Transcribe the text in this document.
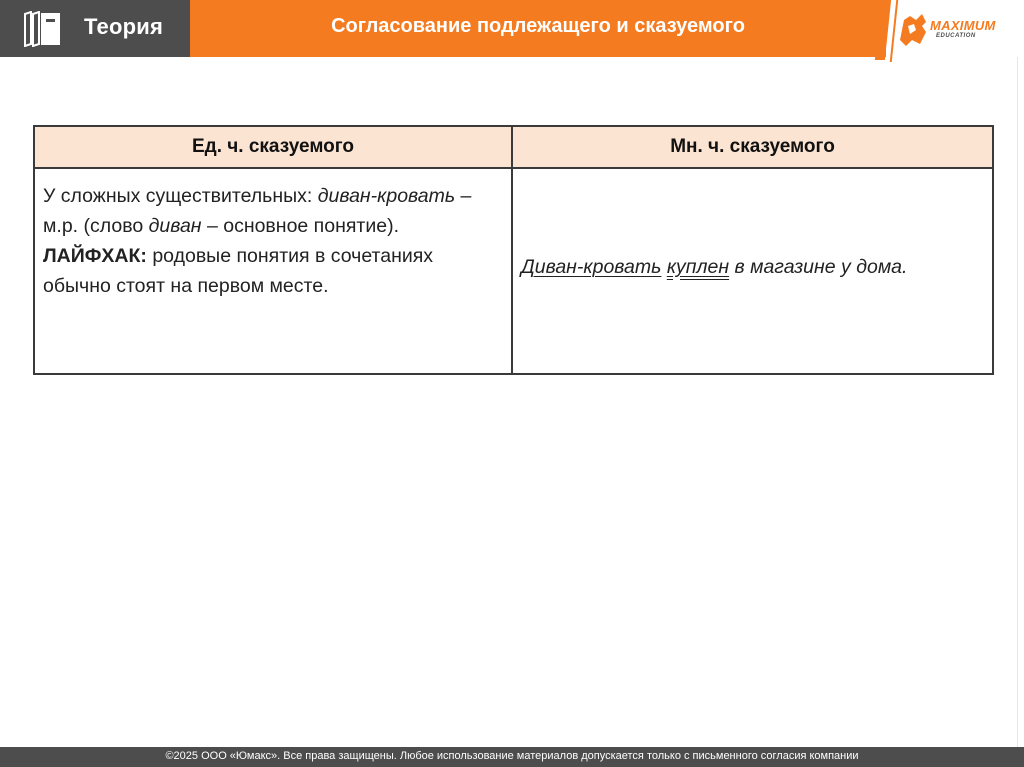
Теория	Согласование подлежащего и сказуемого	MAXIMUM
EDUCATION
Ед. ч. сказуемого	Мн. ч. сказуемого
У сложных существительных: диван-кровать – м.р. (слово диван – основное понятие).
ЛАЙФХАК: родовые понятия в сочетаниях обычно стоят на первом месте.	Диван-кровать куплен в магазине у дома.
©2025 ООО «Юмакс». Все права защищены. Любое использование материалов допускается только с письменного согласия компании
